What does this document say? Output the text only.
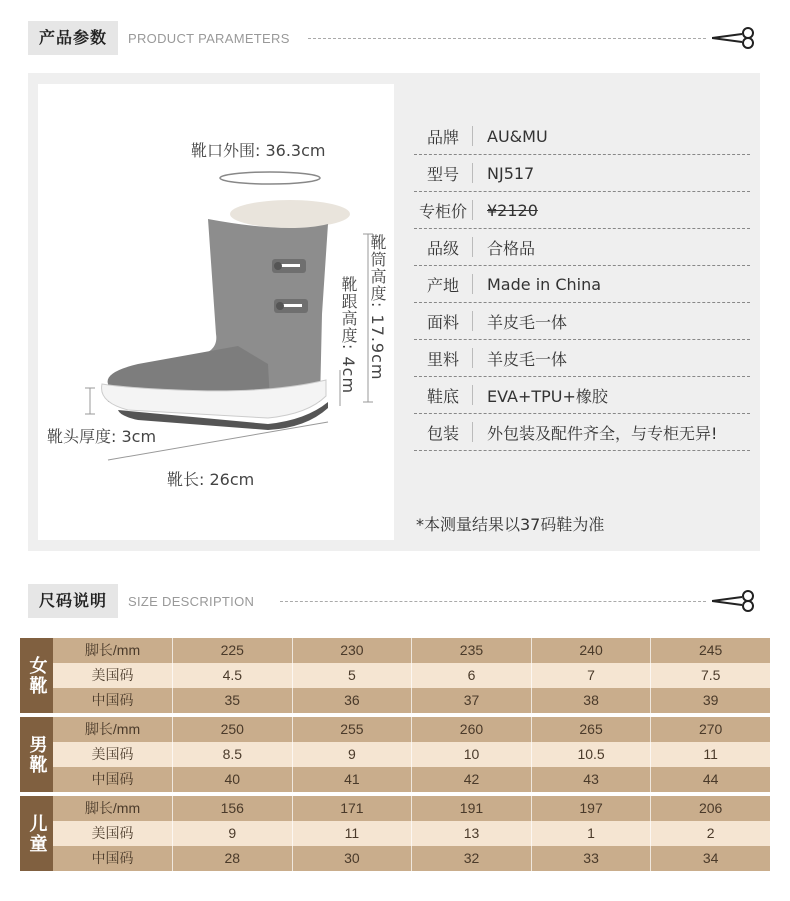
产品参数	PRODUCT PARAMETERS
靴口外围: 36.3cm
靴筒高度: 17.9cm
靴跟高度: 4cm
靴头厚度: 3cm
靴长: 26cm
品牌	AU&MU
型号	NJ517
专柜价	¥2120
品级	合格品
产地	Made in China
面料	羊皮毛一体
里料	羊皮毛一体
鞋底	EVA+TPU+橡胶
包装	外包装及配件齐全，与专柜无异!
*本测量结果以37码鞋为准
尺码说明	SIZE DESCRIPTION
女靴
脚长/mm	225	230	235	240	245
美国码	4.5	5	6	7	7.5
中国码	35	36	37	38	39
男靴
脚长/mm	250	255	260	265	270
美国码	8.5	9	10	10.5	11
中国码	40	41	42	43	44
儿童
脚长/mm	156	171	191	197	206
美国码	9	11	13	1	2
中国码	28	30	32	33	34
